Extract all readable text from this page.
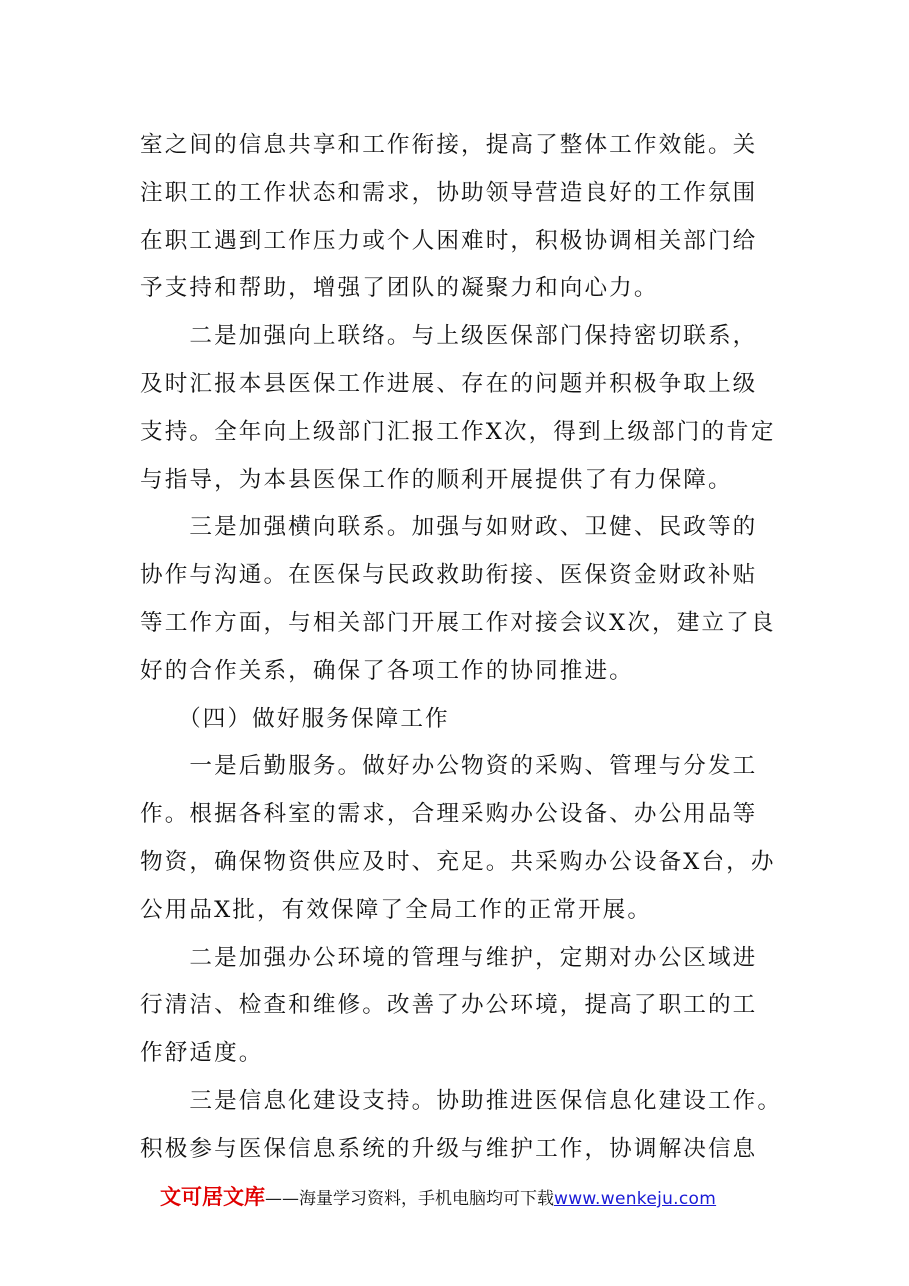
室之间的信息共享和工作衔接，提高了整体工作效能。关
注职工的工作状态和需求，协助领导营造良好的工作氛围
在职工遇到工作压力或个人困难时，积极协调相关部门给
予支持和帮助，增强了团队的凝聚力和向心力。
　　二是加强向上联络。与上级医保部门保持密切联系，
及时汇报本县医保工作进展、存在的问题并积极争取上级
支持。全年向上级部门汇报工作X次，得到上级部门的肯定
与指导，为本县医保工作的顺利开展提供了有力保障。
　　三是加强横向联系。加强与如财政、卫健、民政等的
协作与沟通。在医保与民政救助衔接、医保资金财政补贴
等工作方面，与相关部门开展工作对接会议X次，建立了良
好的合作关系，确保了各项工作的协同推进。
　　（四）做好服务保障工作
　　一是后勤服务。做好办公物资的采购、管理与分发工
作。根据各科室的需求，合理采购办公设备、办公用品等
物资，确保物资供应及时、充足。共采购办公设备X台，办
公用品X批，有效保障了全局工作的正常开展。
　　二是加强办公环境的管理与维护，定期对办公区域进
行清洁、检查和维修。改善了办公环境，提高了职工的工
作舒适度。
　　三是信息化建设支持。协助推进医保信息化建设工作。
积极参与医保信息系统的升级与维护工作，协调解决信息
文可居文库——海量学习资料，手机电脑均可下载www.wenkeju.com
